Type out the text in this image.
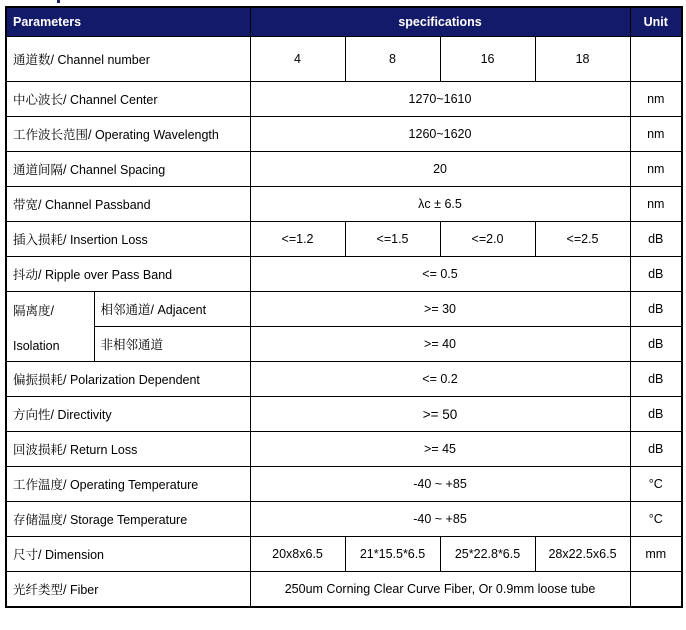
Parameters		specifications				Unit
通道数/ Channel number		4	8	16	18	
中心波长/ Channel Center		1270~1610				nm
工作波长范围/ Operating Wavelength		1260~1620				nm
通道间隔/ Channel Spacing		20				nm
带宽/ Channel Passband		λc ± 6.5				nm
插入损耗/ Insertion Loss		<=1.2	<=1.5	<=2.0	<=2.5	dB
抖动/ Ripple over Pass Band		<= 0.5				dB

隔离度/
Isolation	相邻通道/ Adjacent	>= 30				dB
	非相邻通道	>= 40				dB
偏振损耗/ Polarization Dependent		<= 0.2				dB
方向性/ Directivity		>= 50				dB
回波损耗/ Return Loss		>= 45				dB
工作温度/ Operating Temperature		-40 ~ +85				°C
存储温度/ Storage Temperature		-40 ~ +85				°C
尺寸/ Dimension		20x8x6.5	21*15.5*6.5	25*22.8*6.5	28x22.5x6.5	mm
光纤类型/ Fiber		250um Corning Clear Curve Fiber, Or 0.9mm loose tube				
